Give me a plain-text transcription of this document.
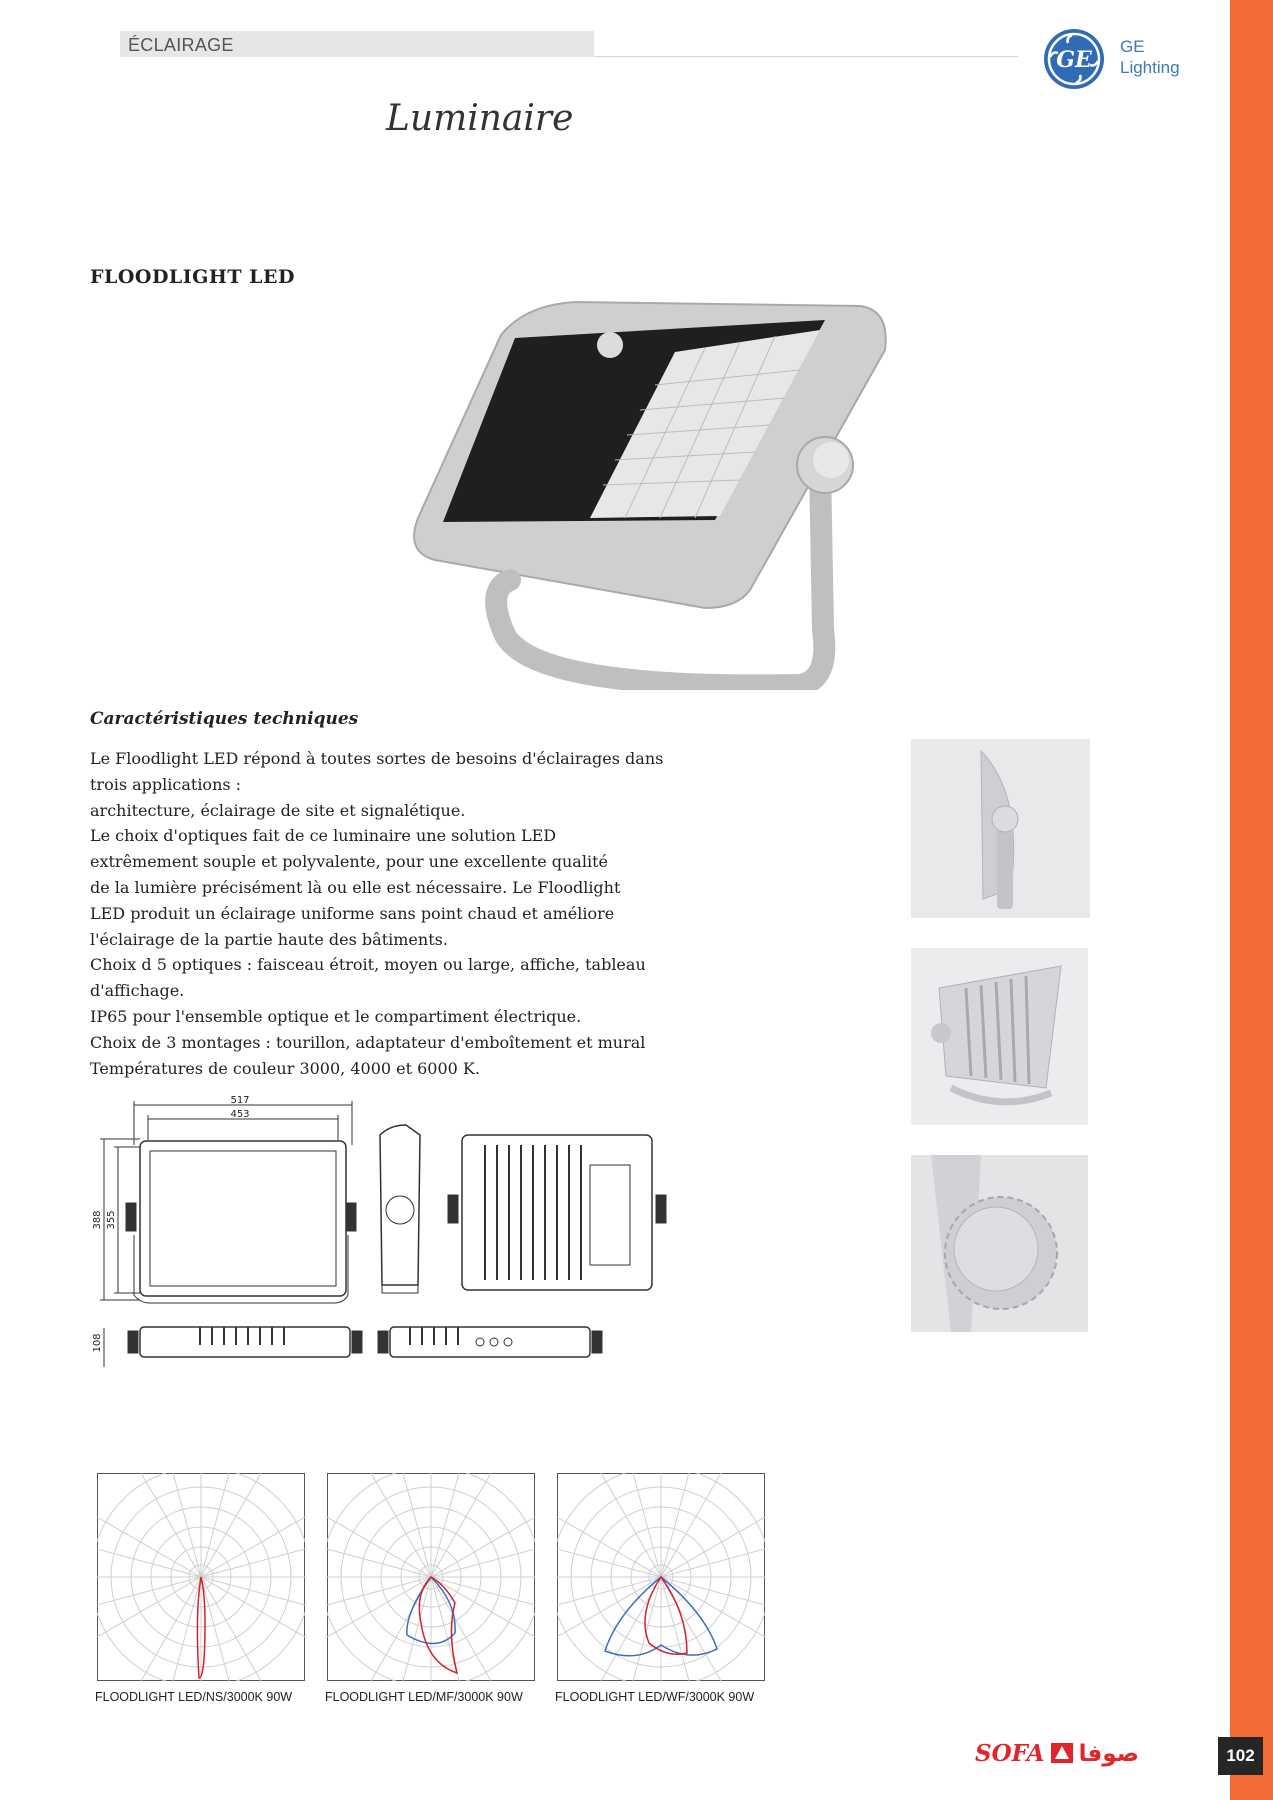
ÉCLAIRAGE
GE
GE
Lighting
Luminaire
FLOODLIGHT LED
Caractéristiques techniques
Le Floodlight LED répond à toutes sortes de besoins d'éclairages dans
trois applications :
architecture, éclairage de site et signalétique.
Le choix d'optiques fait de ce luminaire une solution LED
extrêmement souple et polyvalente, pour une excellente qualité
de la lumière précisément là ou elle est nécessaire. Le Floodlight
LED produit un éclairage uniforme sans point chaud et améliore
l'éclairage de la partie haute des bâtiments.
Choix d 5 optiques : faisceau étroit, moyen ou large, affiche, tableau
d'affichage.
IP65 pour l'ensemble optique et le compartiment électrique.
Choix de 3 montages : tourillon, adaptateur d'emboîtement et mural
Températures de couleur 3000, 4000 et 6000 K.
517
453
388 355
108
FLOODLIGHT LED/NS/3000K 90W	FLOODLIGHT LED/MF/3000K 90W	FLOODLIGHT LED/WF/3000K 90W
SOFA صوفا	102
